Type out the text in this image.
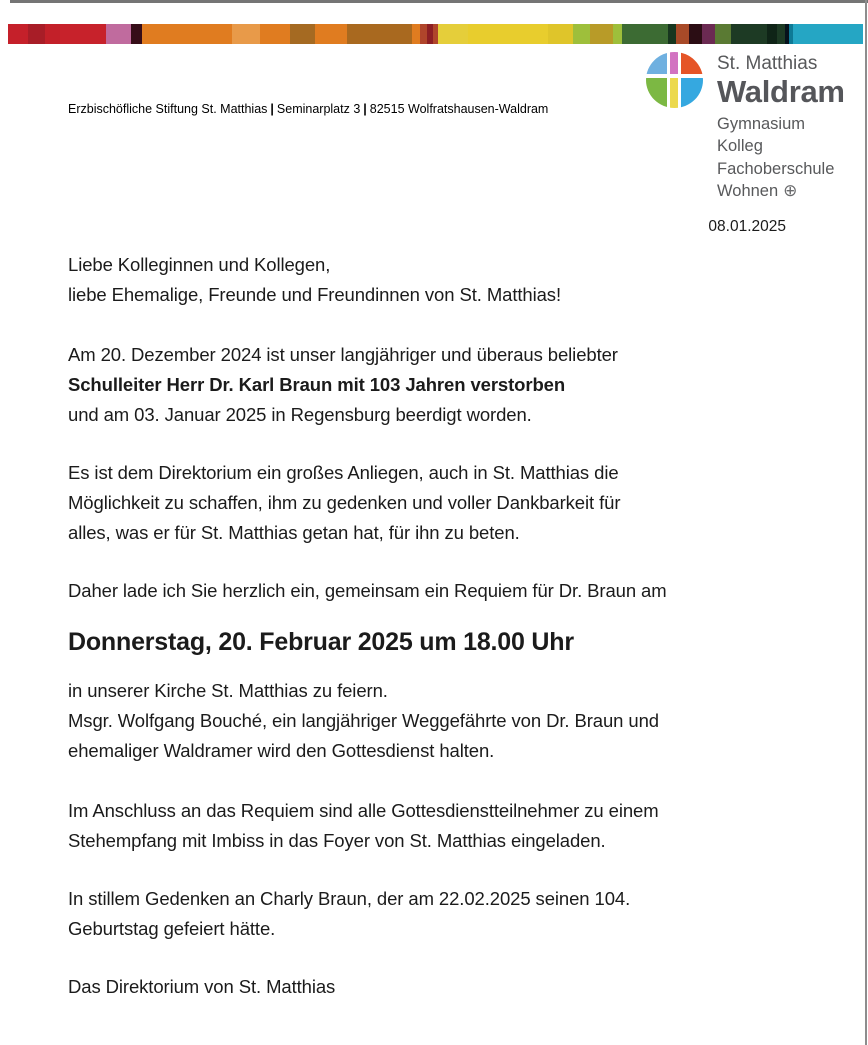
St. Matthias
Waldram
Gymnasium
Kolleg
Fachoberschule
Wohnen ⊕
Erzbischöfliche Stiftung St. Matthias | Seminarplatz 3 | 82515 Wolfratshausen-Waldram
08.01.2025

Liebe Kolleginnen und Kollegen,
liebe Ehemalige, Freunde und Freundinnen von St. Matthias!

Am 20. Dezember 2024 ist unser langjähriger und überaus beliebter
Schulleiter Herr Dr. Karl Braun mit 103 Jahren verstorben
und am 03. Januar 2025 in Regensburg beerdigt worden.

Es ist dem Direktorium ein großes Anliegen, auch in St. Matthias die
Möglichkeit zu schaffen, ihm zu gedenken und voller Dankbarkeit für
alles, was er für St. Matthias getan hat, für ihn zu beten.

Daher lade ich Sie herzlich ein, gemeinsam ein Requiem für Dr. Braun am

Donnerstag, 20. Februar 2025 um 18.00 Uhr

in unserer Kirche St. Matthias zu feiern.
Msgr. Wolfgang Bouché, ein langjähriger Weggefährte von Dr. Braun und
ehemaliger Waldramer wird den Gottesdienst halten.

Im Anschluss an das Requiem sind alle Gottesdienstteilnehmer zu einem
Stehempfang mit Imbiss in das Foyer von St. Matthias eingeladen.

In stillem Gedenken an Charly Braun, der am 22.02.2025 seinen 104.
Geburtstag gefeiert hätte.

Das Direktorium von St. Matthias
